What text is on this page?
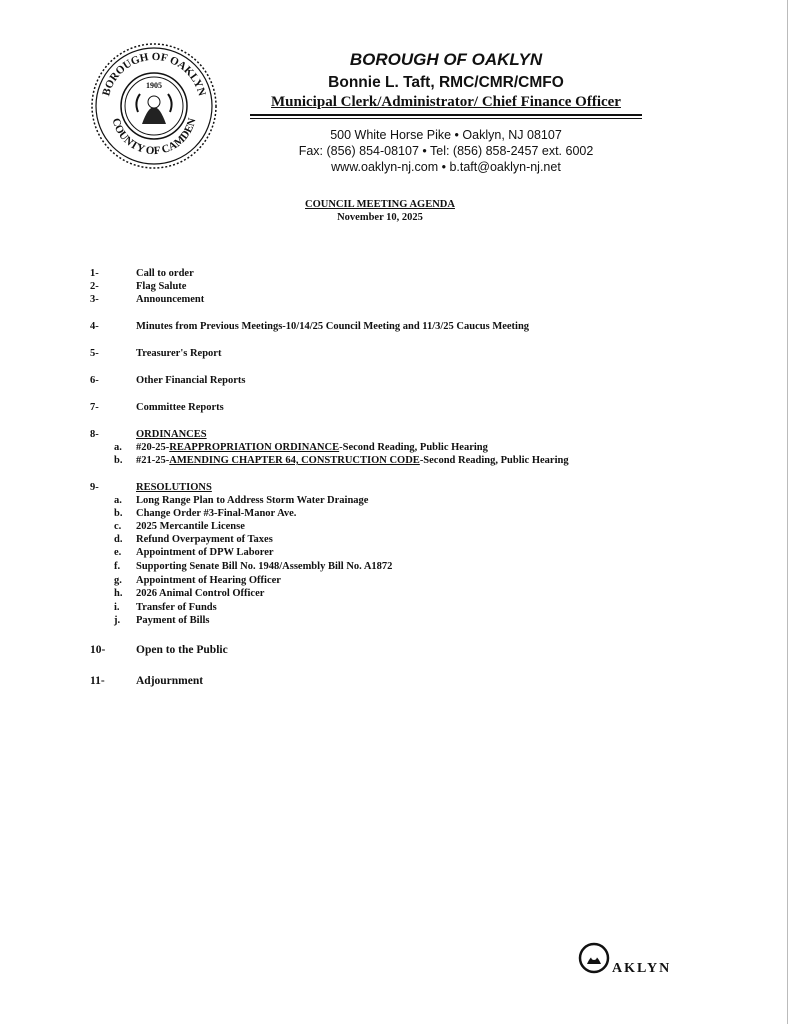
BOROUGH OF OAKLYN
COUNTY OF CAMDEN
1905
BOROUGH OF OAKLYN
Bonnie L. Taft, RMC/CMR/CMFO
Municipal Clerk/Administrator/ Chief Finance Officer
500 White Horse Pike • Oaklyn, NJ 08107
Fax: (856) 854-08107 • Tel: (856) 858-2457 ext. 6002
www.oaklyn-nj.com • b.taft@oaklyn-nj.net
COUNCIL MEETING AGENDA
November 10, 2025
1-	Call to order
2-	Flag Salute
3-	Announcement
4-	Minutes from Previous Meetings-10/14/25 Council Meeting and 11/3/25 Caucus Meeting
5-	Treasurer's Report
6-	Other Financial Reports
7-	Committee Reports
8-	ORDINANCES
a. #20-25-REAPPROPRIATION ORDINANCE-Second Reading, Public Hearing
b. #21-25-AMENDING CHAPTER 64, CONSTRUCTION CODE-Second Reading, Public Hearing
9-	RESOLUTIONS
a. Long Range Plan to Address Storm Water Drainage
b. Change Order #3-Final-Manor Ave.
c. 2025 Mercantile License
d. Refund Overpayment of Taxes
e. Appointment of DPW Laborer
f. Supporting Senate Bill No. 1948/Assembly Bill No. A1872
g. Appointment of Hearing Officer
h. 2026 Animal Control Officer
i. Transfer of Funds
j. Payment of Bills
10-	Open to the Public
11-	Adjournment
AKLYN
